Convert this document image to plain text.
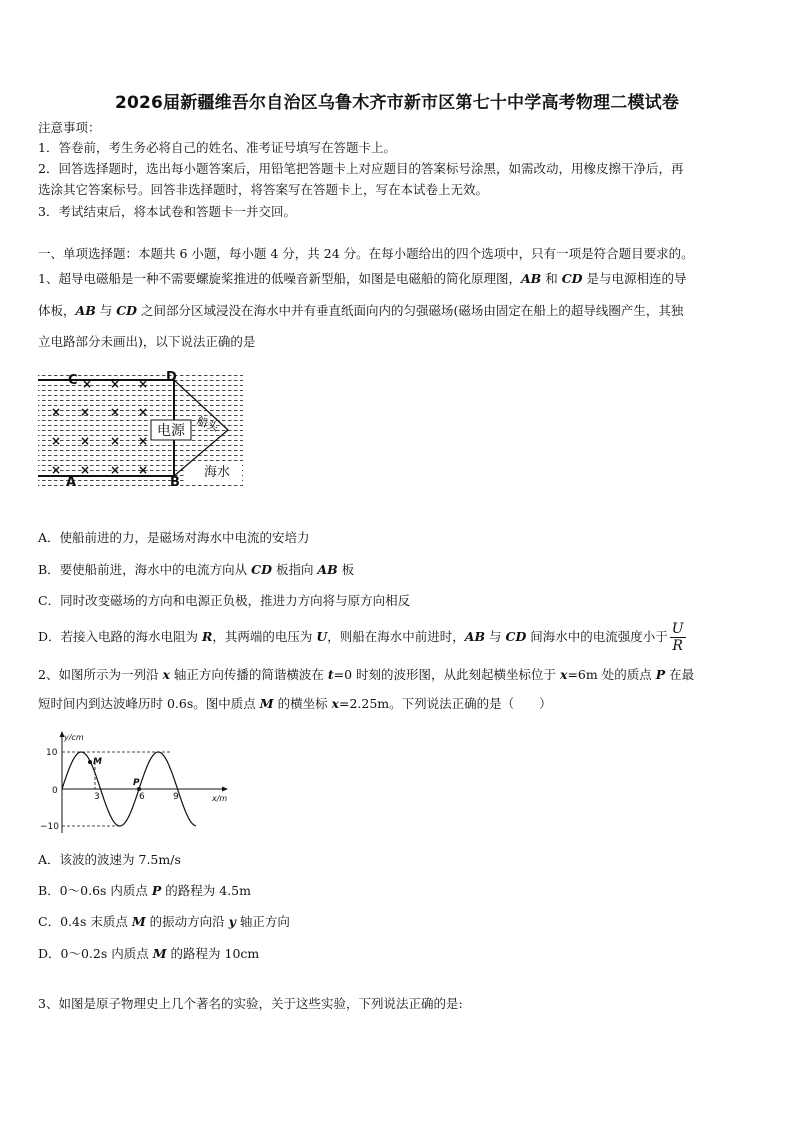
2026届新疆维吾尔自治区乌鲁木齐市新市区第七十中学高考物理二模试卷
注意事项：
1．答卷前，考生务必将自己的姓名、准考证号填写在答题卡上。
2．回答选择题时，选出每小题答案后，用铅笔把答题卡上对应题目的答案标号涂黑，如需改动，用橡皮擦干净后，再
选涂其它答案标号。回答非选择题时，将答案写在答题卡上，写在本试卷上无效。
3．考试结束后，将本试卷和答题卡一并交回。
一、单项选择题：本题共 6 小题，每小题 4 分，共 24 分。在每小题给出的四个选项中，只有一项是符合题目要求的。
1、超导电磁船是一种不需要螺旋桨推进的低噪音新型船，如图是电磁船的简化原理图，AB 和 CD 是与电源相连的导
体板，AB 与 CD 之间部分区域浸没在海水中并有垂直纸面向内的匀强磁场(磁场由固定在船上的超导线圈产生，其独
立电路部分未画出)，以下说法正确的是
× × ×
× × × ×
× × × ×
× × × ×
C	D
A	B
电源 船头
海水
A．使船前进的力，是磁场对海水中电流的安培力
B．要使船前进，海水中的电流方向从 CD 板指向 AB 板
C．同时改变磁场的方向和电源正负极，推进力方向将与原方向相反
D．若接入电路的海水电阻为 R，其两端的电压为 U，则船在海水中前进时，AB 与 CD 间海水中的电流强度小于 $\frac{U}{R}$
2、如图所示为一列沿 x 轴正方向传播的简谐横波在 t=0 时刻的波形图，从此刻起横坐标位于 x=6m 处的质点 P 在最
短时间内到达波峰历时 0.6s。图中质点 M 的横坐标 x=2.25m。下列说法正确的是（　　）
y/cm
x/m
10
0
−10
3	6	9
M
P
A．该波的波速为 7.5m/s
B．0～0.6s 内质点 P 的路程为 4.5m
C．0.4s 末质点 M 的振动方向沿 y 轴正方向
D．0～0.2s 内质点 M 的路程为 10cm
3、如图是原子物理史上几个著名的实验，关于这些实验，下列说法正确的是:
